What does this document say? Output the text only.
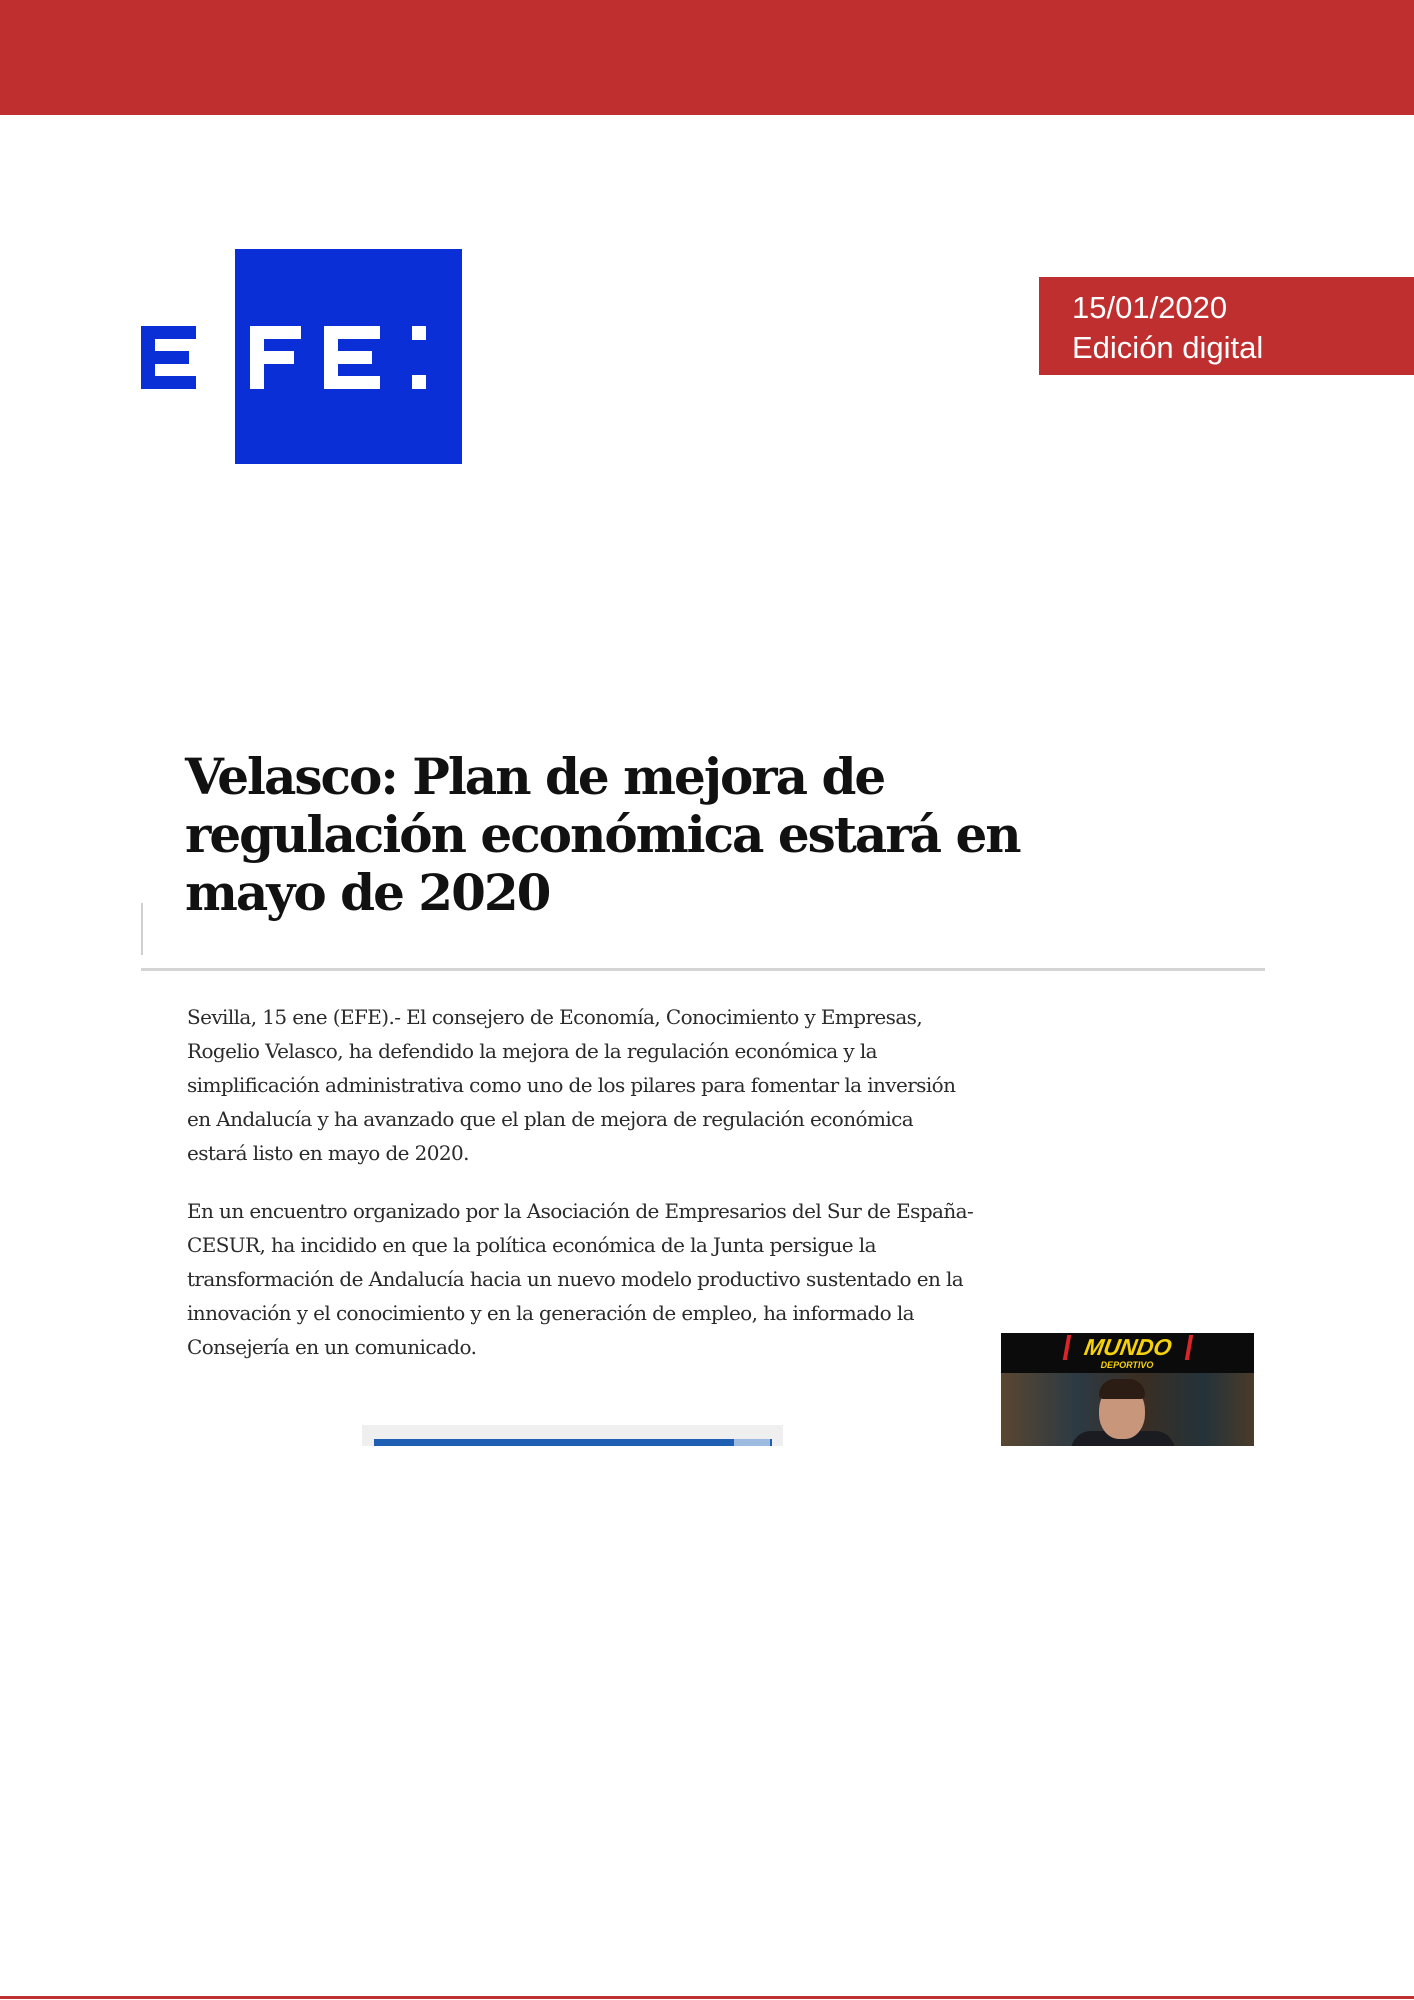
15/01/2020
Edición digital
Velasco: Plan de mejora de regulación económica estará en mayo de 2020

Sevilla, 15 ene (EFE).- El consejero de Economía, Conocimiento y Empresas, Rogelio Velasco, ha defendido la mejora de la regulación económica y la simplificación administrativa como uno de los pilares para fomentar la inversión en Andalucía y ha avanzado que el plan de mejora de regulación económica estará listo en mayo de 2020.

En un encuentro organizado por la Asociación de Empresarios del Sur de España-CESUR, ha incidido en que la política económica de la Junta persigue la transformación de Andalucía hacia un nuevo modelo productivo sustentado en la innovación y el conocimiento y en la generación de empleo, ha informado la Consejería en un comunicado.	MUNDO
DEPORTIVO
